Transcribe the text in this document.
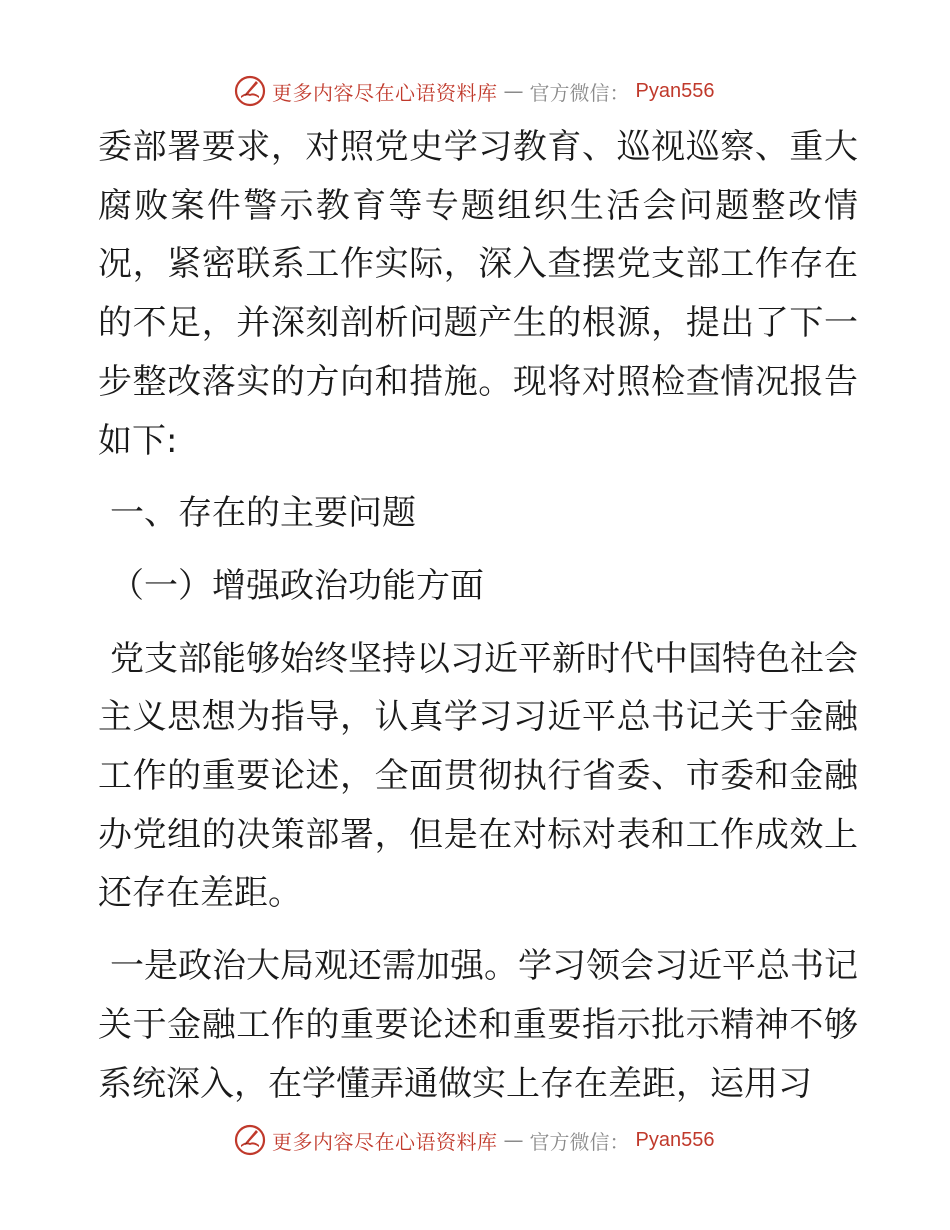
更多内容尽在心语资料库 — 官方微信： Pyan556

委部署要求，对照党史学习教育、巡视巡察、重大腐败案件警示教育等专题组织生活会问题整改情况，紧密联系工作实际，深入查摆党支部工作存在的不足，并深刻剖析问题产生的根源，提出了下一步整改落实的方向和措施。现将对照检查情况报告如下:

一、存在的主要问题

（一）增强政治功能方面

党支部能够始终坚持以习近平新时代中国特色社会主义思想为指导，认真学习习近平总书记关于金融工作的重要论述，全面贯彻执行省委、市委和金融办党组的决策部署，但是在对标对表和工作成效上还存在差距。

一是政治大局观还需加强。学习领会习近平总书记关于金融工作的重要论述和重要指示批示精神不够系统深入，在学懂弄通做实上存在差距，运用习

更多内容尽在心语资料库 — 官方微信： Pyan556
